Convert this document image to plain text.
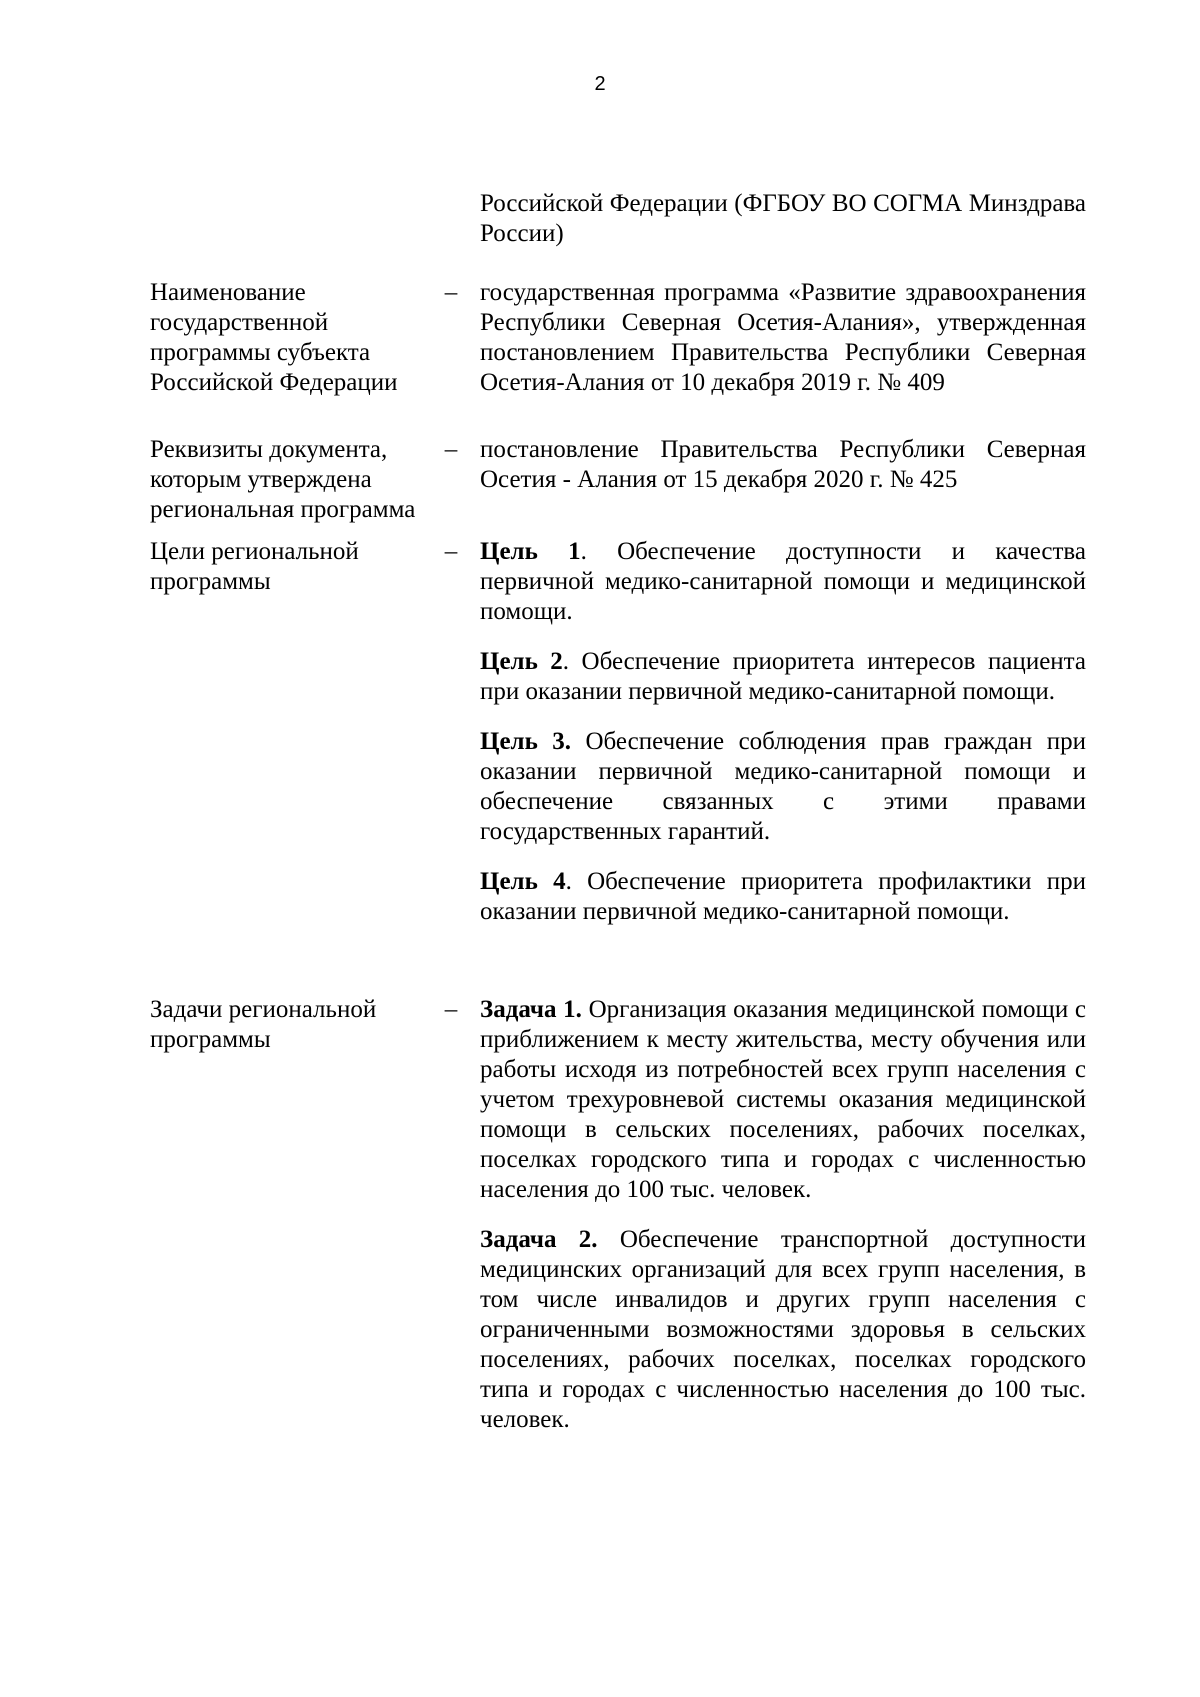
2
Российской Федерации (ФГБОУ ВО СОГМА Минздрава России)
Наименование государственной программы субъекта Российской Федерации
– государственная программа «Развитие здравоохранения Республики Северная Осетия-Алания», утвержденная постановлением Правительства Республики Северная Осетия-Алания от 10 декабря 2019 г. № 409

Реквизиты документа, которым утверждена региональная программа
– постановление Правительства Республики Северная Осетия - Алания от 15 декабря 2020 г. № 425

Цели региональной программы
– Цель 1. Обеспечение доступности и качества первичной медико-санитарной помощи и медицинской помощи.

Цель 2. Обеспечение приоритета интересов пациента при оказании первичной медико-санитарной помощи.

Цель 3. Обеспечение соблюдения прав граждан при оказании первичной медико-санитарной помощи и обеспечение связанных с этими правами государственных гарантий.

Цель 4. Обеспечение приоритета профилактики при оказании первичной медико-санитарной помощи.

Задачи региональной программы
– Задача 1. Организация оказания медицинской помощи с приближением к месту жительства, месту обучения или работы исходя из потребностей всех групп населения с учетом трехуровневой системы оказания медицинской помощи в сельских поселениях, рабочих поселках, поселках городского типа и городах с численностью населения до 100 тыс. человек.

Задача 2. Обеспечение транспортной доступности медицинских организаций для всех групп населения, в том числе инвалидов и других групп населения с ограниченными возможностями здоровья в сельских поселениях, рабочих поселках, поселках городского типа и городах с численностью населения до 100 тыс. человек.
